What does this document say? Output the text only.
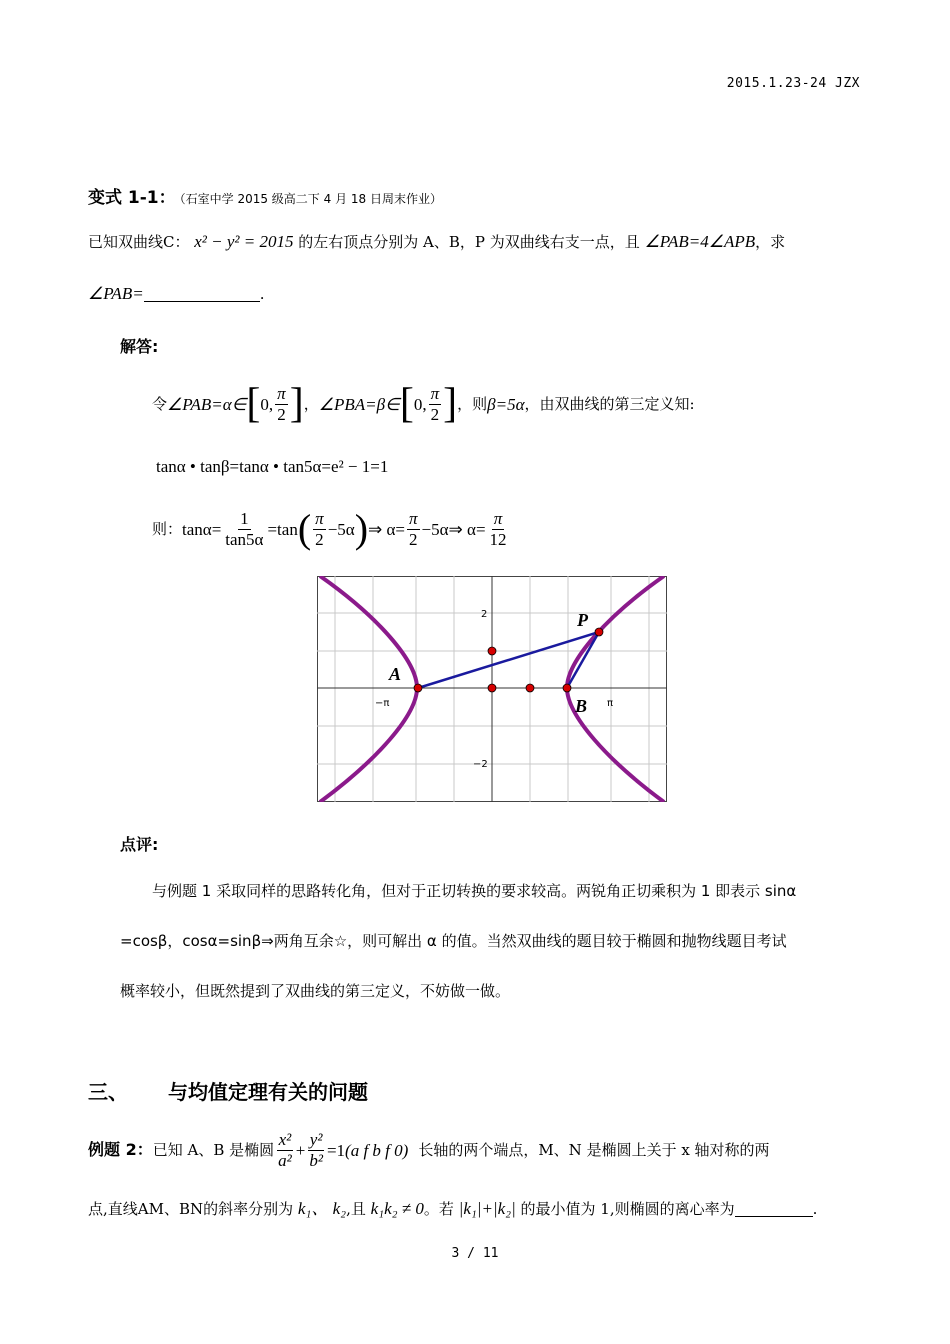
2015.1.23-24 JZX
变式 1-1： （石室中学 2015 级高二下 4 月 18 日周末作业）
已知双曲线C： x² − y² = 2015 的左右顶点分别为 A、B，P 为双曲线右支一点，且 ∠PAB=4∠APB，求
∠PAB=	.
解答:
令 ∠PAB=α∈ [ 0, $\frac{\pi}{2}$ ] ， ∠PBA=β∈ [ 0, $\frac{\pi}{2}$ ] ，则 β=5α ，由双曲线的第三定义知:
tanα • tanβ=tanα • tan5α=e² − 1=1
则： $\tan\alpha= \frac{1}{\tan 5\alpha} =\tan$ ( $\frac{\pi}{2} -5\alpha$ ) ⇒ $\alpha= \frac{\pi}{2} -5\alpha$ ⇒ $\alpha= \frac{\pi}{12}$
−π	π
2
−2
A
B
P
点评:
与例题 1 采取同样的思路转化角，但对于正切转换的要求较高。两锐角正切乘积为 1 即表示 sinα
=cosβ，cosα=sinβ⇒两角互余☆，则可解出 α 的值。当然双曲线的题目较于椭圆和抛物线题目考试
概率较小，但既然提到了双曲线的第三定义，不妨做一做。
三、 与均值定理有关的问题
例题 2： 已知 A、B 是椭圆 $\frac{\text{x²}}{\text{a²}} + \frac{\text{y²}}{\text{b²}} =1$ (a f b f 0) 长轴的两个端点，M、N 是椭圆上关于 x 轴对称的两
点,直线AM、BN的斜率分别为 k₁、 k₂,且 k₁k₂ ≠ 0。若 |k₁|+|k₂| 的最小值为 1,则椭圆的离心率为	.
3 / 11
